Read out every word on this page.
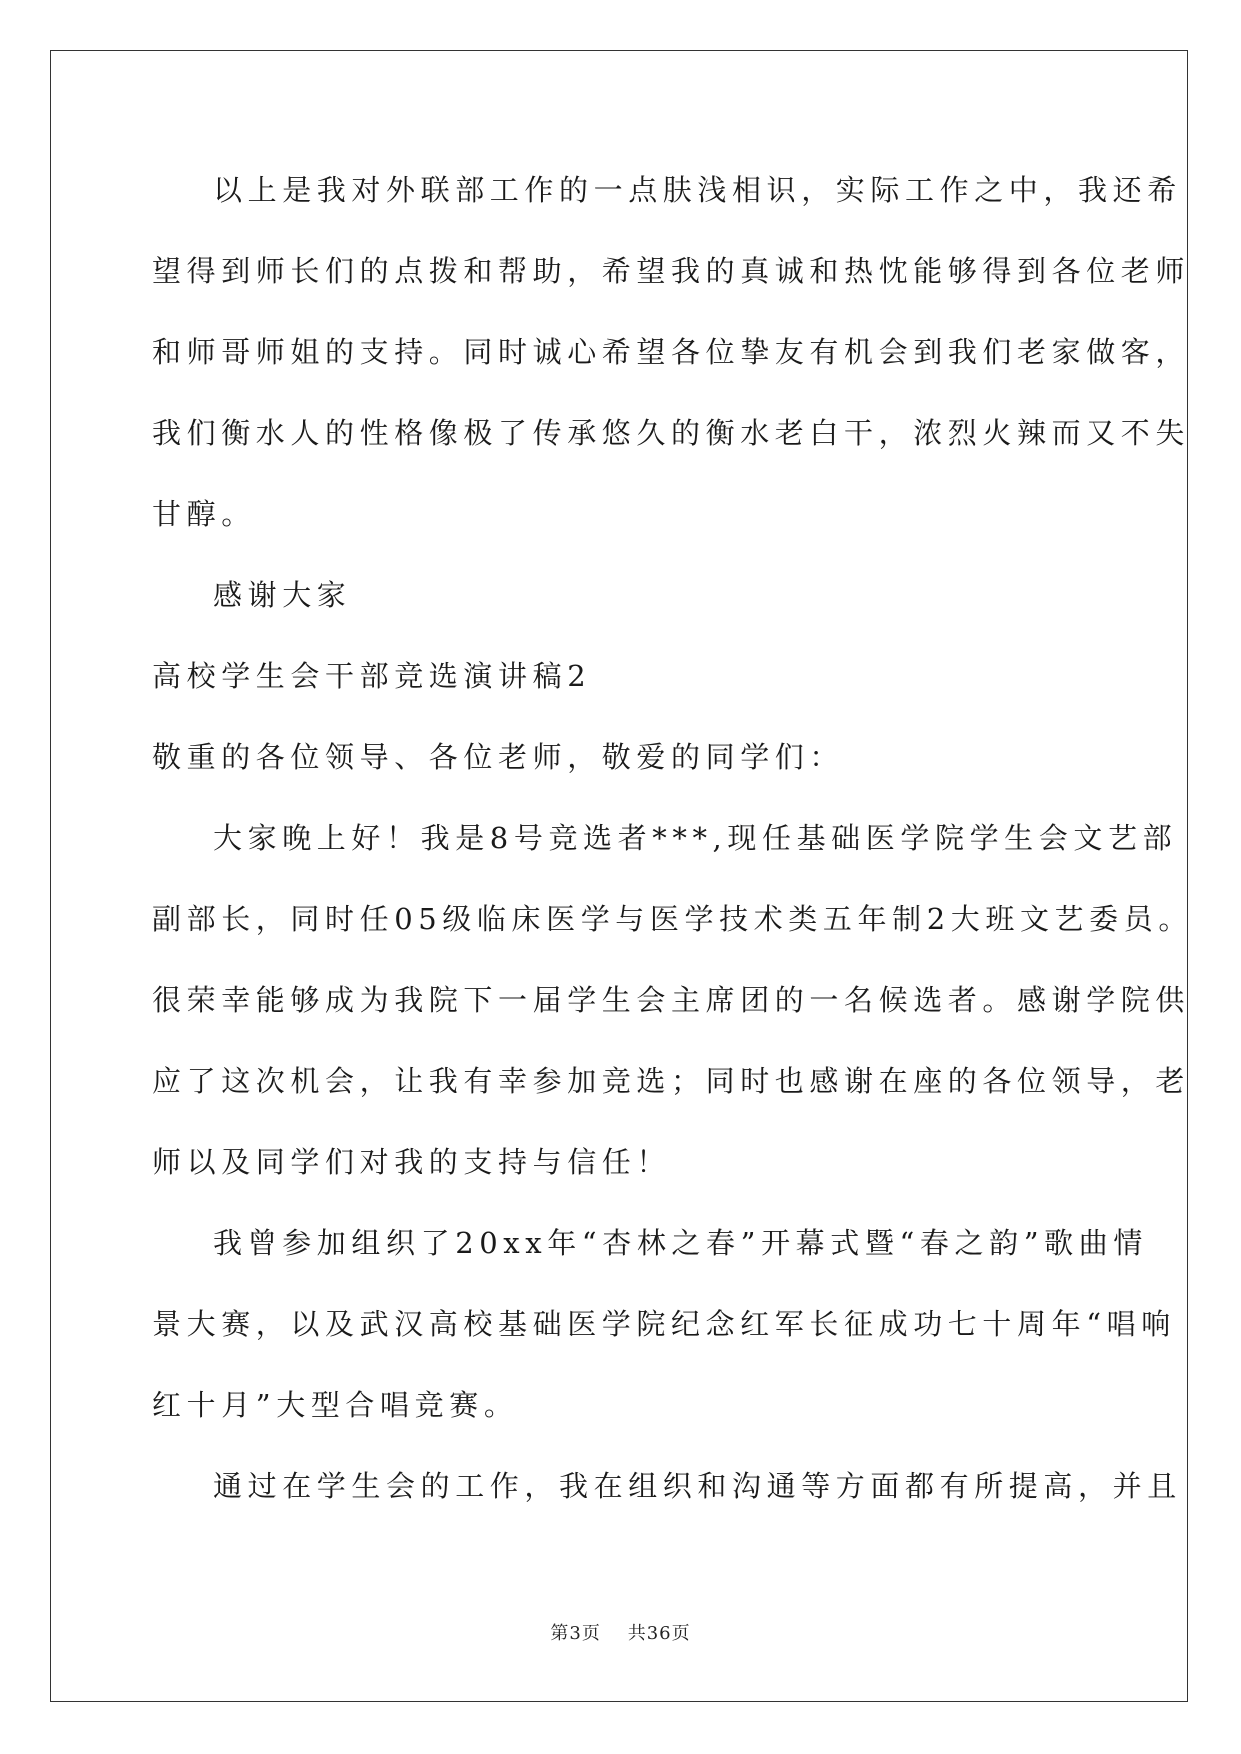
以上是我对外联部工作的一点肤浅相识，实际工作之中，我还希
望得到师长们的点拨和帮助，希望我的真诚和热忱能够得到各位老师
和师哥师姐的支持。同时诚心希望各位挚友有机会到我们老家做客，
我们衡水人的性格像极了传承悠久的衡水老白干，浓烈火辣而又不失
甘醇。
感谢大家
高校学生会干部竞选演讲稿2
敬重的各位领导、各位老师，敬爱的同学们：
大家晚上好！我是8号竞选者***,现任基础医学院学生会文艺部
副部长，同时任05级临床医学与医学技术类五年制2大班文艺委员。
很荣幸能够成为我院下一届学生会主席团的一名候选者。感谢学院供
应了这次机会，让我有幸参加竞选；同时也感谢在座的各位领导，老
师以及同学们对我的支持与信任！
我曾参加组织了20xx年“杏林之春”开幕式暨“春之韵”歌曲情
景大赛，以及武汉高校基础医学院纪念红军长征成功七十周年“唱响
红十月”大型合唱竞赛。
通过在学生会的工作，我在组织和沟通等方面都有所提高，并且
第3页 共36页
